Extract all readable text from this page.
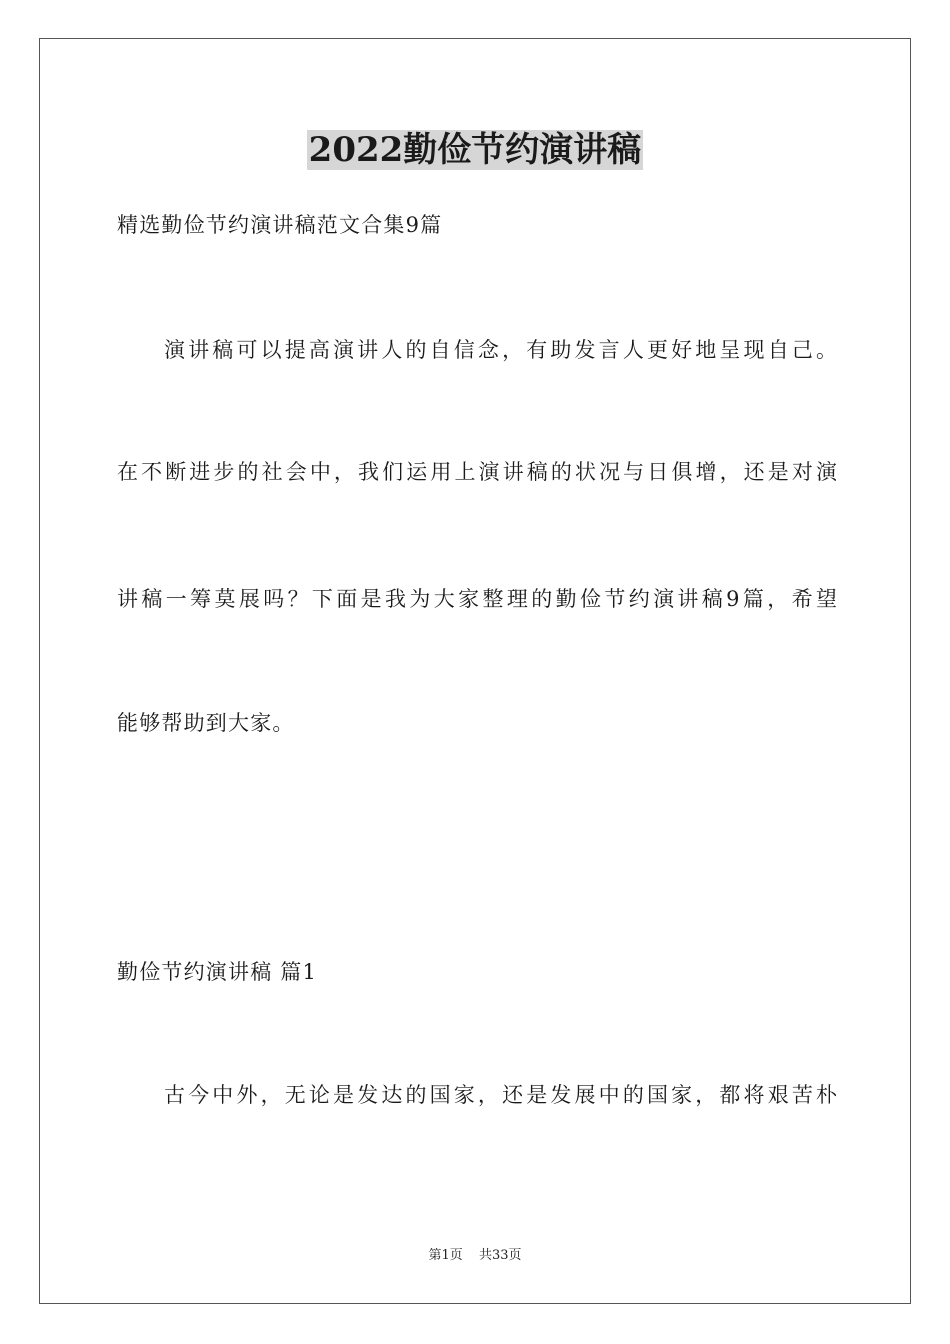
2022勤俭节约演讲稿
精选勤俭节约演讲稿范文合集9篇
演讲稿可以提高演讲人的自信念，有助发言人更好地呈现自己。
在不断进步的社会中，我们运用上演讲稿的状况与日俱增，还是对演
讲稿一筹莫展吗？下面是我为大家整理的勤俭节约演讲稿9篇，希望
能够帮助到大家。
勤俭节约演讲稿 篇1
古今中外，无论是发达的国家，还是发展中的国家，都将艰苦朴
第1页 共33页
